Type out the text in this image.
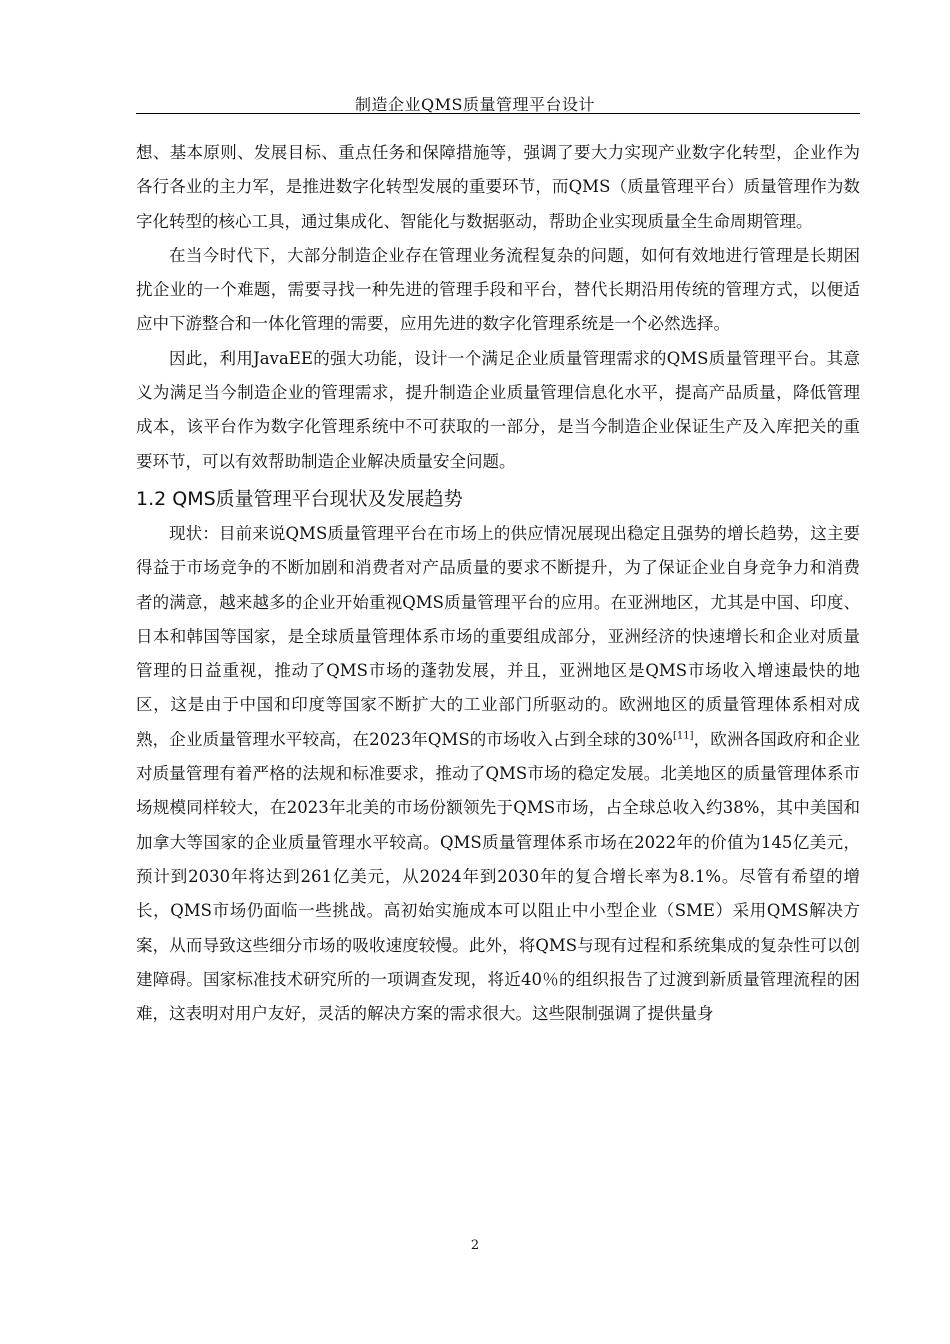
制造企业QMS质量管理平台设计

想、基本原则、发展目标、重点任务和保障措施等，强调了要大力实现产业数字化转型，企业作为各行各业的主力军，是推进数字化转型发展的重要环节，而QMS（质量管理平台）质量管理作为数字化转型的核心工具，通过集成化、智能化与数据驱动，帮助企业实现质量全生命周期管理。

在当今时代下，大部分制造企业存在管理业务流程复杂的问题，如何有效地进行管理是长期困扰企业的一个难题，需要寻找一种先进的管理手段和平台，替代长期沿用传统的管理方式，以便适应中下游整合和一体化管理的需要，应用先进的数字化管理系统是一个必然选择。

因此，利用JavaEE的强大功能，设计一个满足企业质量管理需求的QMS质量管理平台。其意义为满足当今制造企业的管理需求，提升制造企业质量管理信息化水平，提高产品质量，降低管理成本，该平台作为数字化管理系统中不可获取的一部分，是当今制造企业保证生产及入库把关的重要环节，可以有效帮助制造企业解决质量安全问题。

1.2 QMS质量管理平台现状及发展趋势

现状：目前来说QMS质量管理平台在市场上的供应情况展现出稳定且强势的增长趋势，这主要得益于市场竞争的不断加剧和消费者对产品质量的要求不断提升，为了保证企业自身竞争力和消费者的满意，越来越多的企业开始重视QMS质量管理平台的应用。在亚洲地区，尤其是中国、印度、日本和韩国等国家，是全球质量管理体系市场的重要组成部分，亚洲经济的快速增长和企业对质量管理的日益重视，推动了QMS市场的蓬勃发展，并且，亚洲地区是QMS市场收入增速最快的地区，这是由于中国和印度等国家不断扩大的工业部门所驱动的。欧洲地区的质量管理体系相对成熟，企业质量管理水平较高，在2023年QMS的市场收入占到全球的30%[11]，欧洲各国政府和企业对质量管理有着严格的法规和标准要求，推动了QMS市场的稳定发展。北美地区的质量管理体系市场规模同样较大，在2023年北美的市场份额领先于QMS市场，占全球总收入约38%，其中美国和加拿大等国家的企业质量管理水平较高。QMS质量管理体系市场在2022年的价值为145亿美元，预计到2030年将达到261亿美元，从2024年到2030年的复合增长率为8.1%。尽管有希望的增长，QMS市场仍面临一些挑战。高初始实施成本可以阻止中小型企业（SME）采用QMS解决方案，从而导致这些细分市场的吸收速度较慢。此外，将QMS与现有过程和系统集成的复杂性可以创建障碍。国家标准技术研究所的一项调查发现，将近40％的组织报告了过渡到新质量管理流程的困难，这表明对用户友好，灵活的解决方案的需求很大。这些限制强调了提供量身

2
